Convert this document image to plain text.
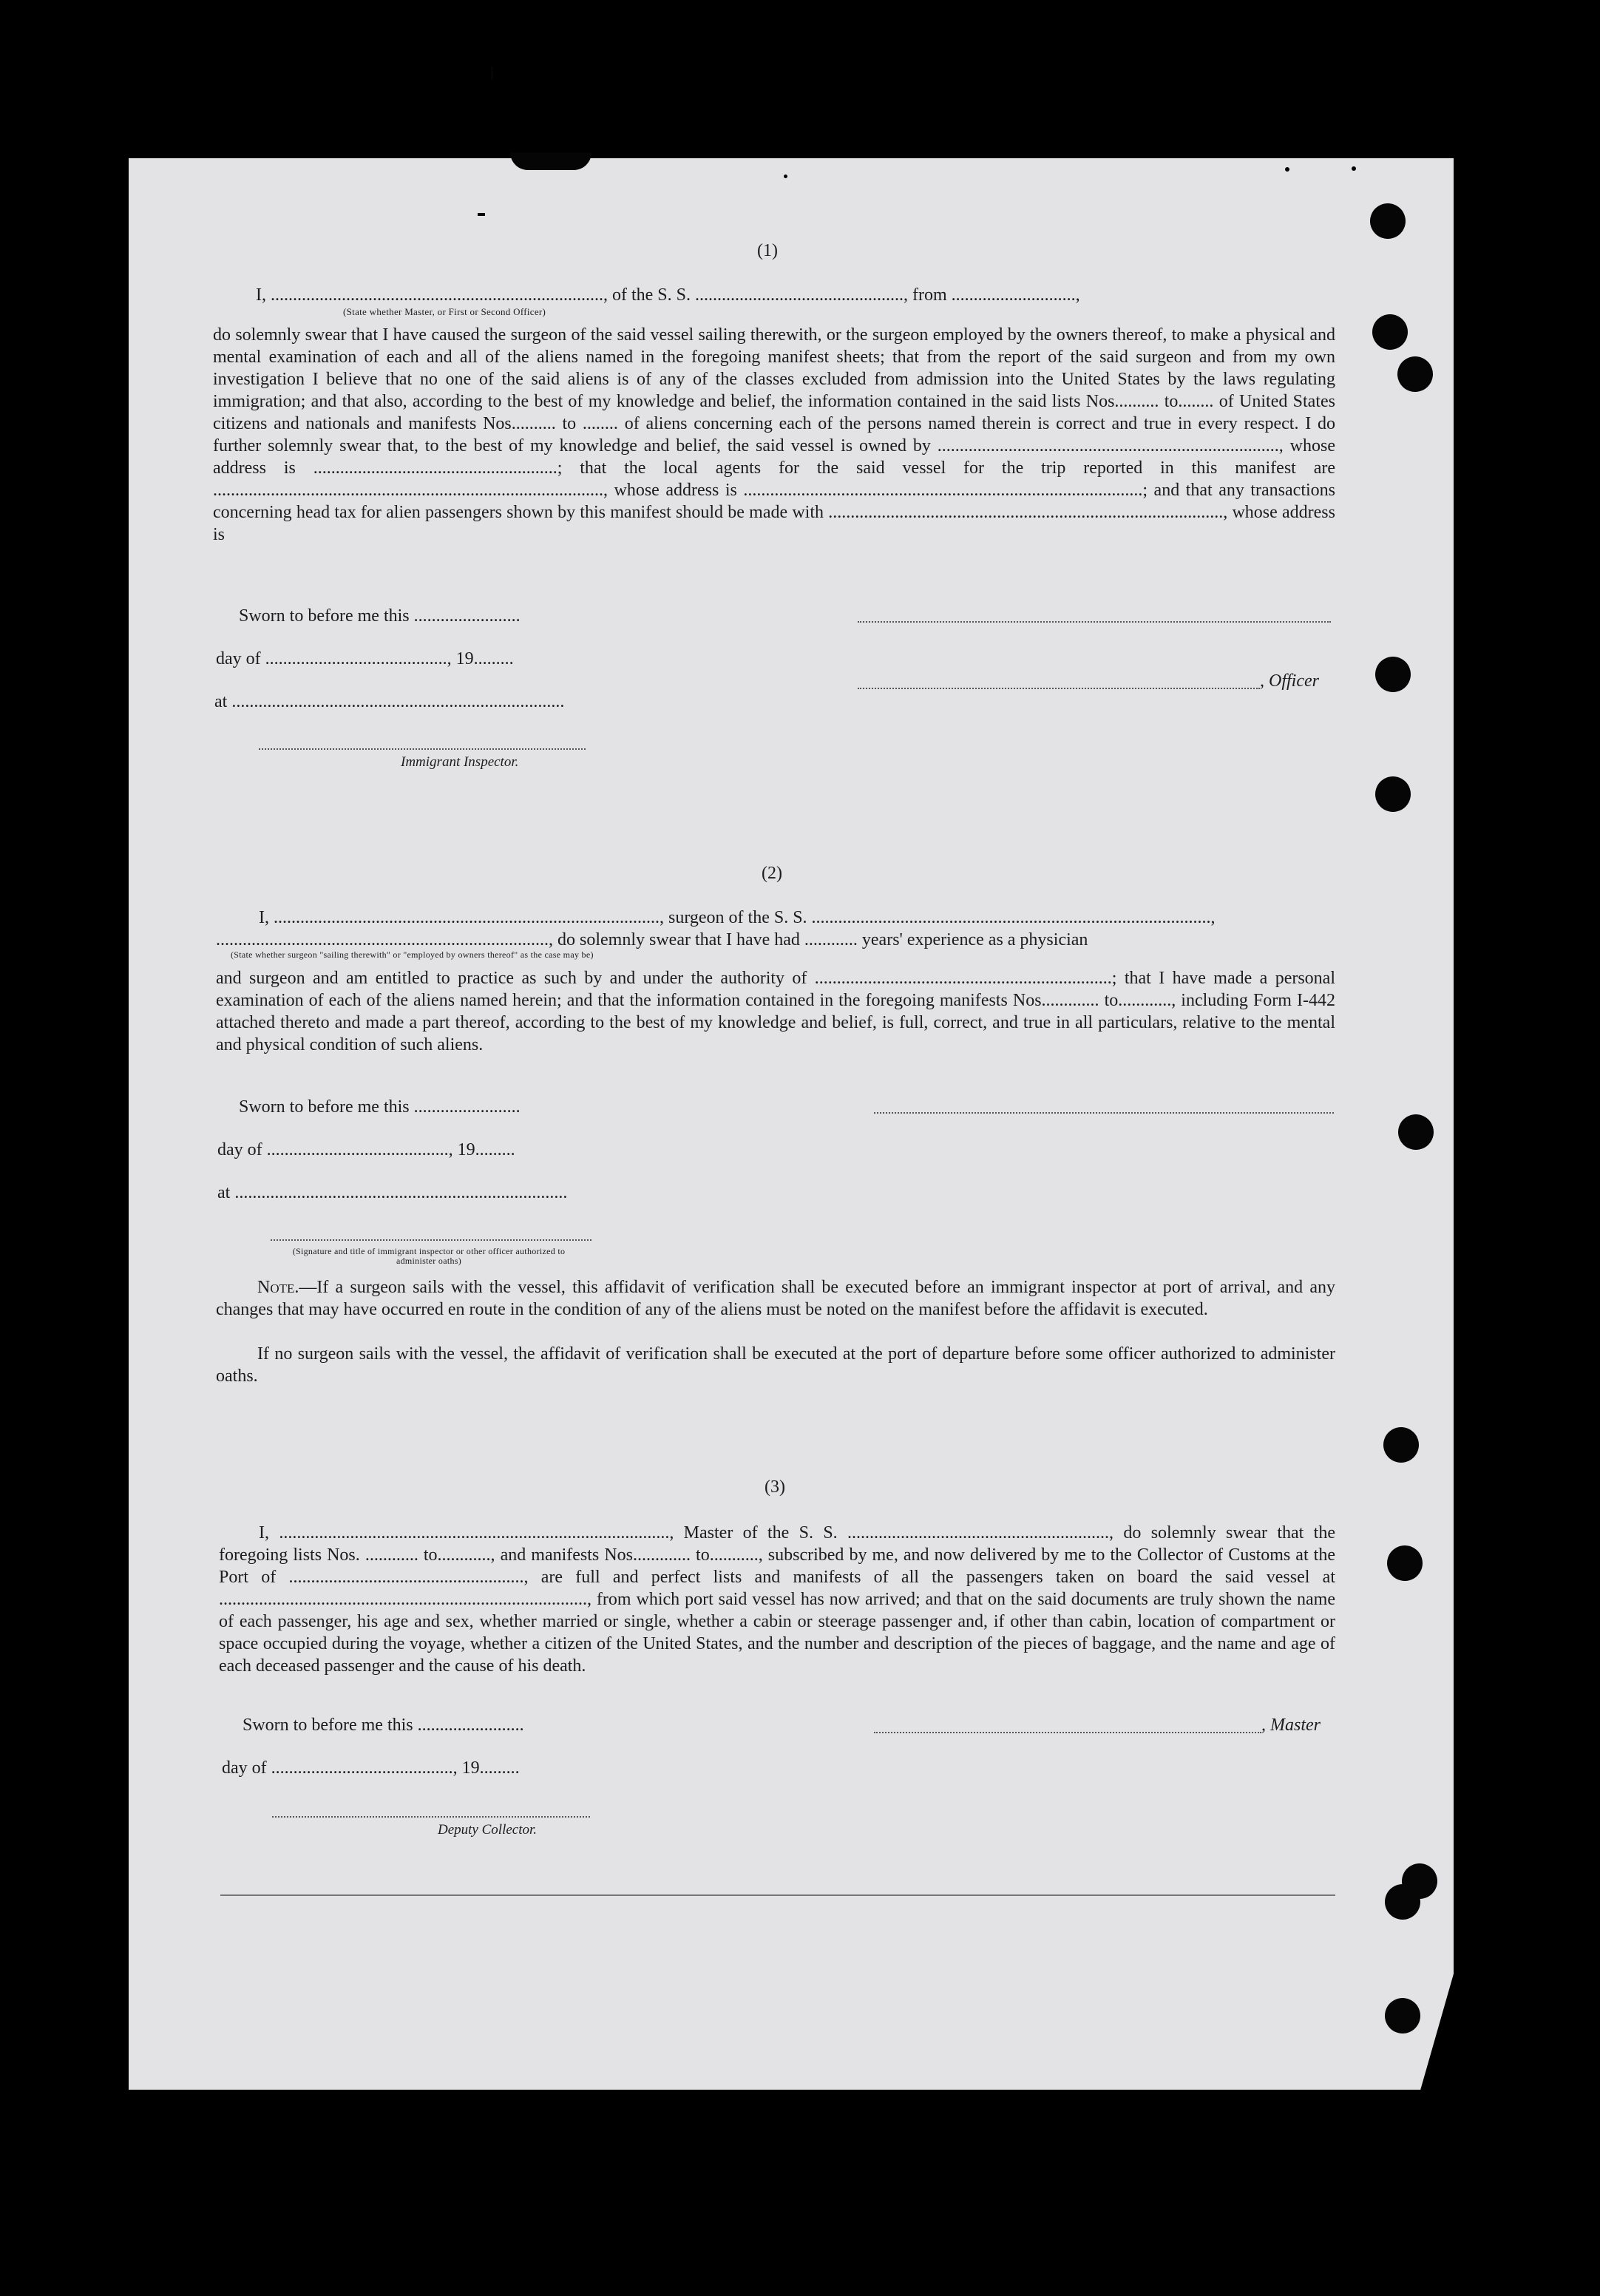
(1)
I, ..........................................................................., of the S. S. ..............................................., from ............................,
(State whether Master, or First or Second Officer)
do solemnly swear that I have caused the surgeon of the said vessel sailing therewith, or the surgeon employed by the owners thereof, to make a physical and mental examination of each and all of the aliens named in the foregoing manifest sheets; that from the report of the said surgeon and from my own investigation I believe that no one of the said aliens is of any of the classes excluded from admission into the United States by the laws regulating immigration; and that also, according to the best of my knowledge and belief, the information contained in the said lists Nos.......... to........ of United States citizens and nationals and manifests Nos.......... to ........ of aliens concerning each of the persons named therein is correct and true in every respect. I do further solemnly swear that, to the best of my knowledge and belief, the said vessel is owned by ............................................................................., whose address is .......................................................; that the local agents for the said vessel for the trip reported in this manifest are ........................................................................................, whose address is ..........................................................................................; and that any transactions concerning head tax for alien passengers shown by this manifest should be made with ........................................................................................., whose address is
Sworn to before me this ........................
day of ........................................., 19.........
, Officer
at ...........................................................................
Immigrant Inspector.
(2)
I, ......................................................................................., surgeon of the S. S. ..........................................................................................,
..........................................................................., do solemnly swear that I have had ............ years' experience as a physician
(State whether surgeon "sailing therewith" or "employed by owners thereof" as the case may be)
and surgeon and am entitled to practice as such by and under the authority of ...................................................................; that I have made a personal examination of each of the aliens named herein; and that the information contained in the foregoing manifests Nos............. to............, including Form I-442 attached thereto and made a part thereof, according to the best of my knowledge and belief, is full, correct, and true in all particulars, relative to the mental and physical condition of such aliens.
Sworn to before me this ........................
day of ........................................., 19.........
at ...........................................................................
(Signature and title of immigrant inspector or other officer authorized to administer oaths)
Note.—If a surgeon sails with the vessel, this affidavit of verification shall be executed before an immigrant inspector at port of arrival, and any changes that may have occurred en route in the condition of any of the aliens must be noted on the manifest before the affidavit is executed.
If no surgeon sails with the vessel, the affidavit of verification shall be executed at the port of departure before some officer authorized to administer oaths.
(3)
I, ........................................................................................, Master of the S. S. ..........................................................., do solemnly swear that the foregoing lists Nos. ............ to............, and manifests Nos............. to..........., subscribed by me, and now delivered by me to the Collector of Customs at the Port of ....................................................., are full and perfect lists and manifests of all the passengers taken on board the said vessel at ..................................................................................., from which port said vessel has now arrived; and that on the said documents are truly shown the name of each passenger, his age and sex, whether married or single, whether a cabin or steerage passenger and, if other than cabin, location of compartment or space occupied during the voyage, whether a citizen of the United States, and the number and description of the pieces of baggage, and the name and age of each deceased passenger and the cause of his death.
Sworn to before me this ........................	, Master
day of ........................................., 19.........
Deputy Collector.
